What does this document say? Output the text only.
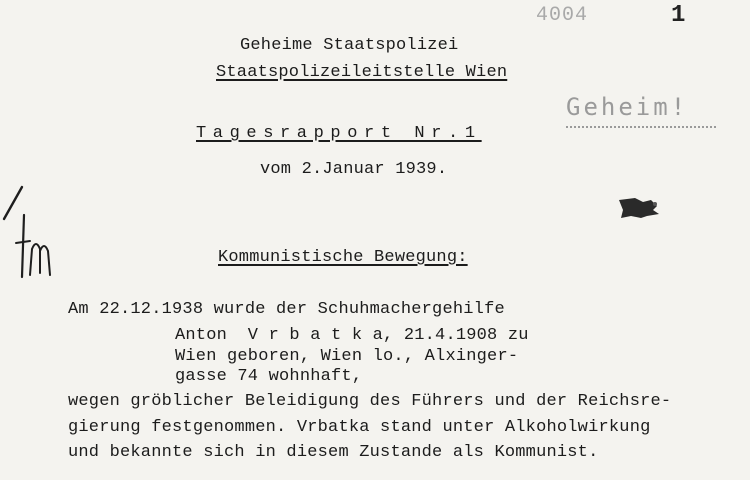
4004	1
Geheime Staatspolizei
Staatspolizeileitstelle Wien
Geheim!
Tagesrapport Nr.1
vom 2.Januar 1939.
Kommunistische Bewegung:
Am 22.12.1938 wurde der Schuhmachergehilfe
Anton  V r b a t k a, 21.4.1908 zu
Wien geboren, Wien lo., Alxinger-
gasse 74 wohnhaft,
wegen gröblicher Beleidigung des Führers und der Reichsre-
gierung festgenommen. Vrbatka stand unter Alkoholwirkung
und bekannte sich in diesem Zustande als Kommunist.
